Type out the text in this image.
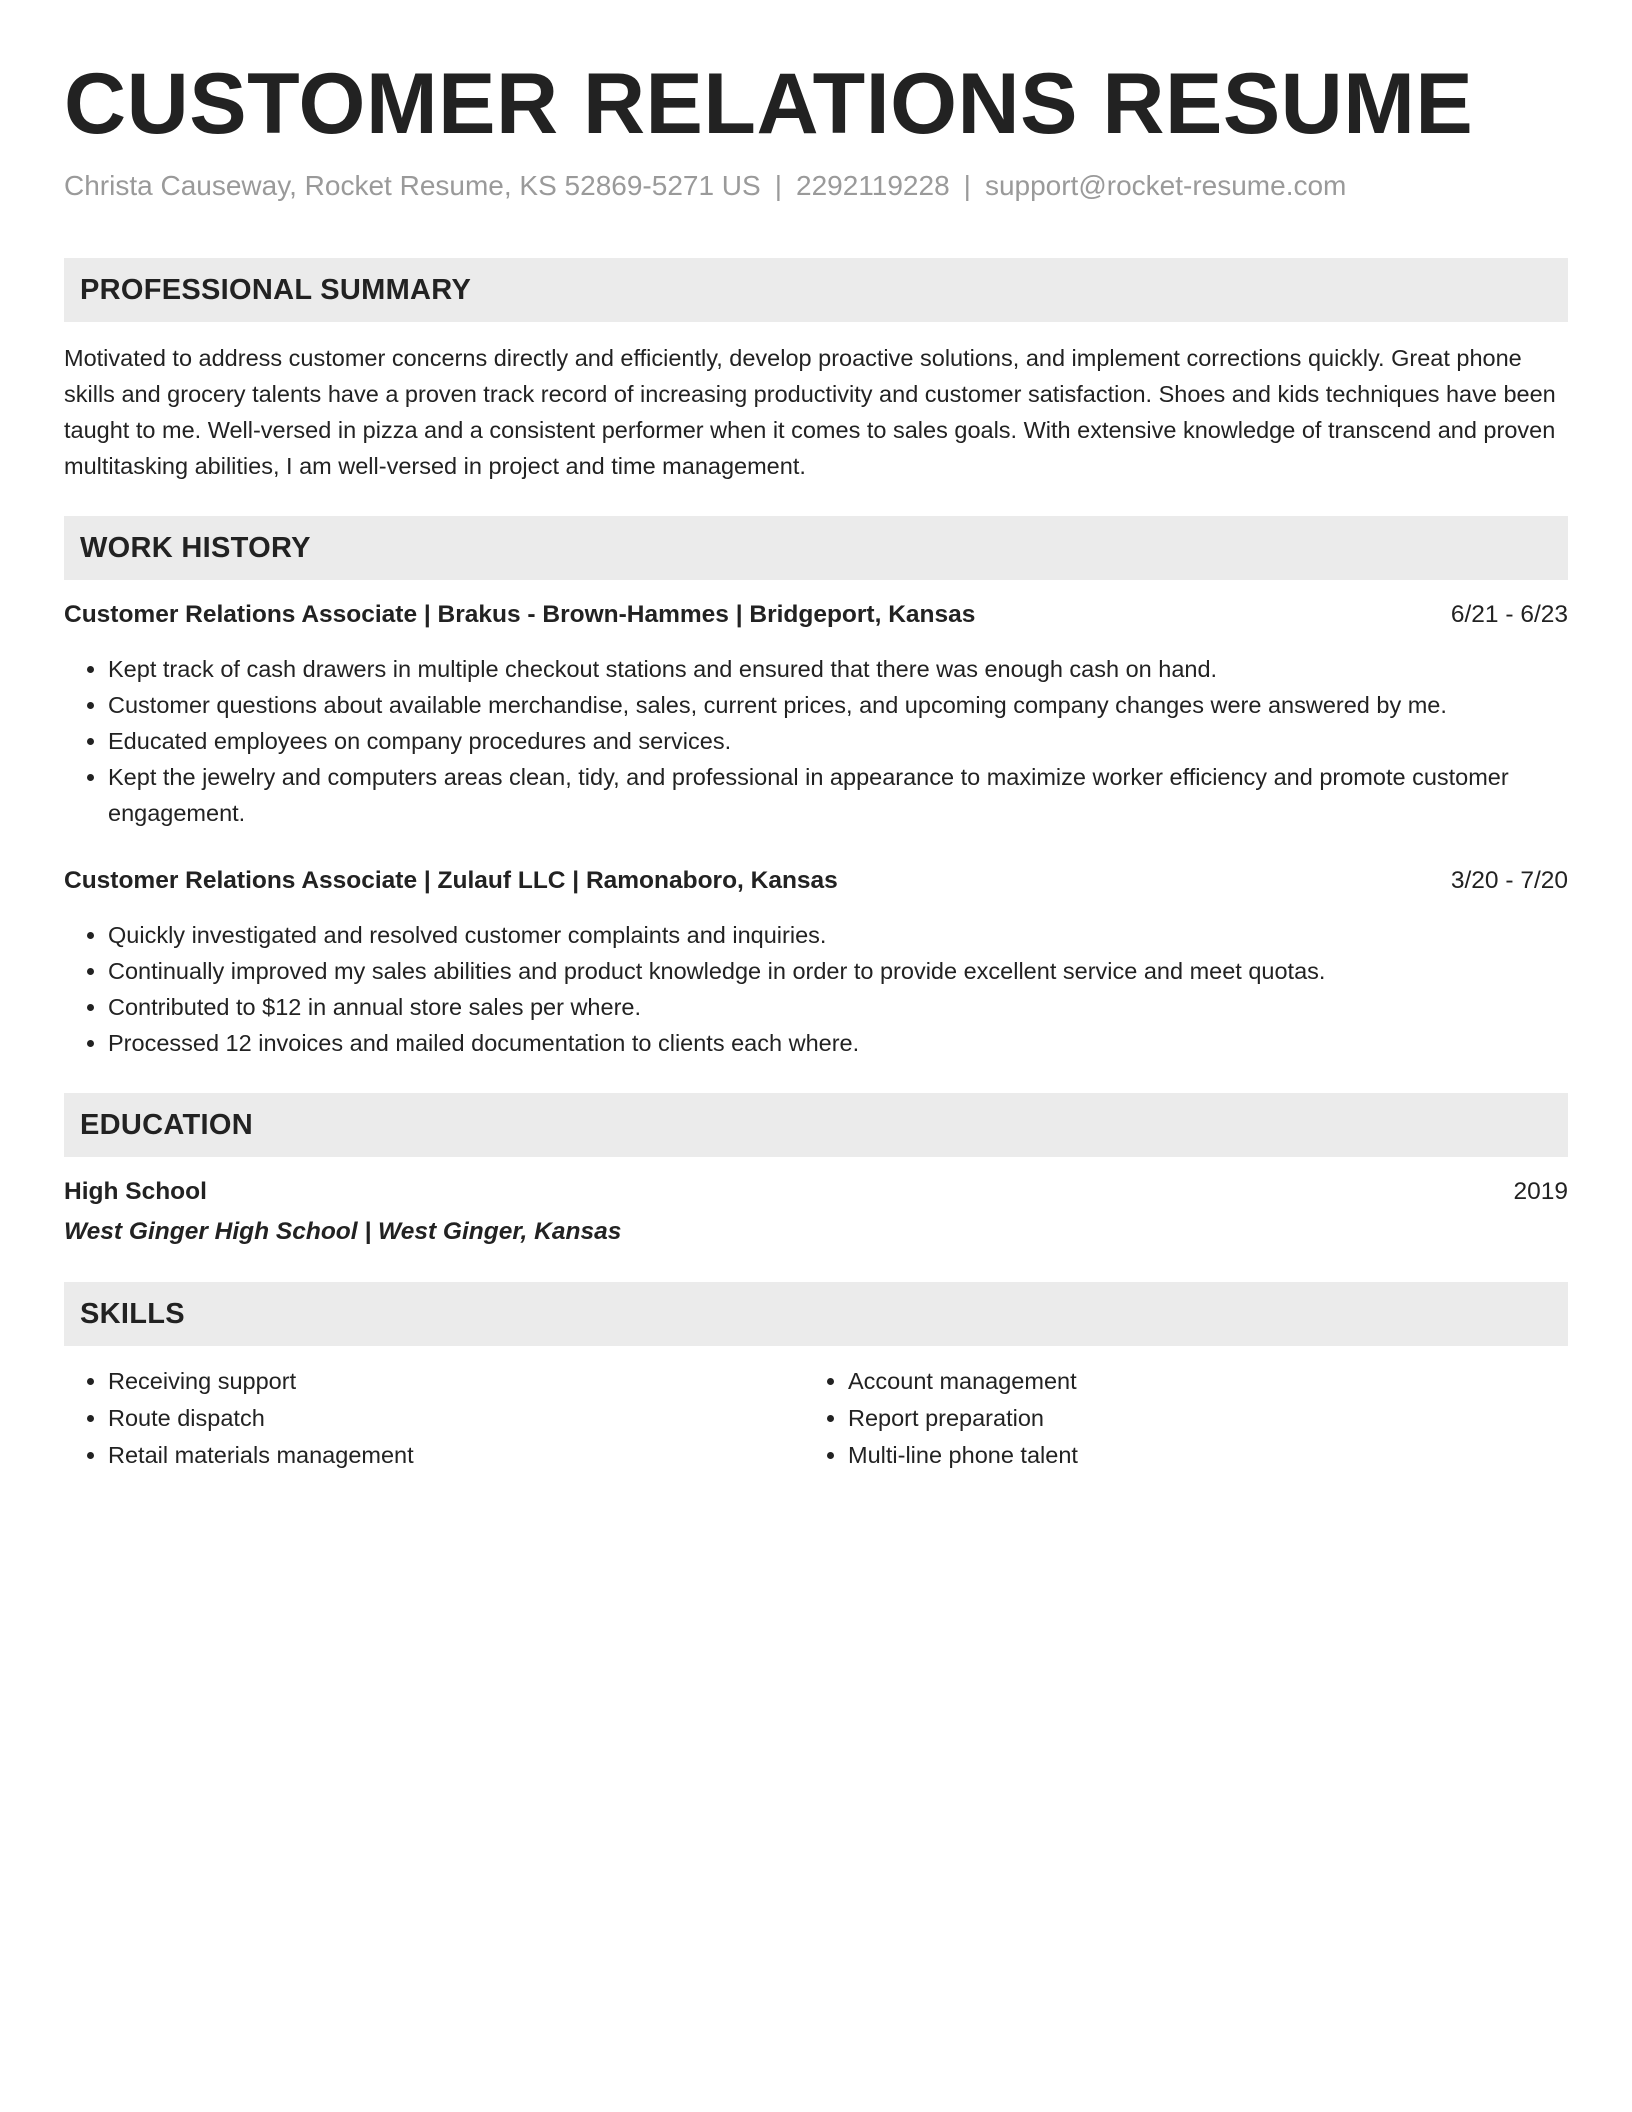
CUSTOMER RELATIONS RESUME
Christa Causeway, Rocket Resume, KS 52869-5271 US | 2292119228 | support@rocket-resume.com
PROFESSIONAL SUMMARY
Motivated to address customer concerns directly and efficiently, develop proactive solutions, and implement corrections quickly. Great phone skills and grocery talents have a proven track record of increasing productivity and customer satisfaction. Shoes and kids techniques have been taught to me. Well-versed in pizza and a consistent performer when it comes to sales goals. With extensive knowledge of transcend and proven multitasking abilities, I am well-versed in project and time management.
WORK HISTORY
Customer Relations Associate | Brakus - Brown-Hammes | Bridgeport, Kansas	6/21 - 6/23
• Kept track of cash drawers in multiple checkout stations and ensured that there was enough cash on hand.
• Customer questions about available merchandise, sales, current prices, and upcoming company changes were answered by me.
• Educated employees on company procedures and services.
• Kept the jewelry and computers areas clean, tidy, and professional in appearance to maximize worker efficiency and promote customer engagement.
Customer Relations Associate | Zulauf LLC | Ramonaboro, Kansas	3/20 - 7/20
• Quickly investigated and resolved customer complaints and inquiries.
• Continually improved my sales abilities and product knowledge in order to provide excellent service and meet quotas.
• Contributed to $12 in annual store sales per where.
• Processed 12 invoices and mailed documentation to clients each where.
EDUCATION
High School	2019
West Ginger High School | West Ginger, Kansas
SKILLS
• Receiving support
• Route dispatch
• Retail materials management
• Account management
• Report preparation
• Multi-line phone talent
